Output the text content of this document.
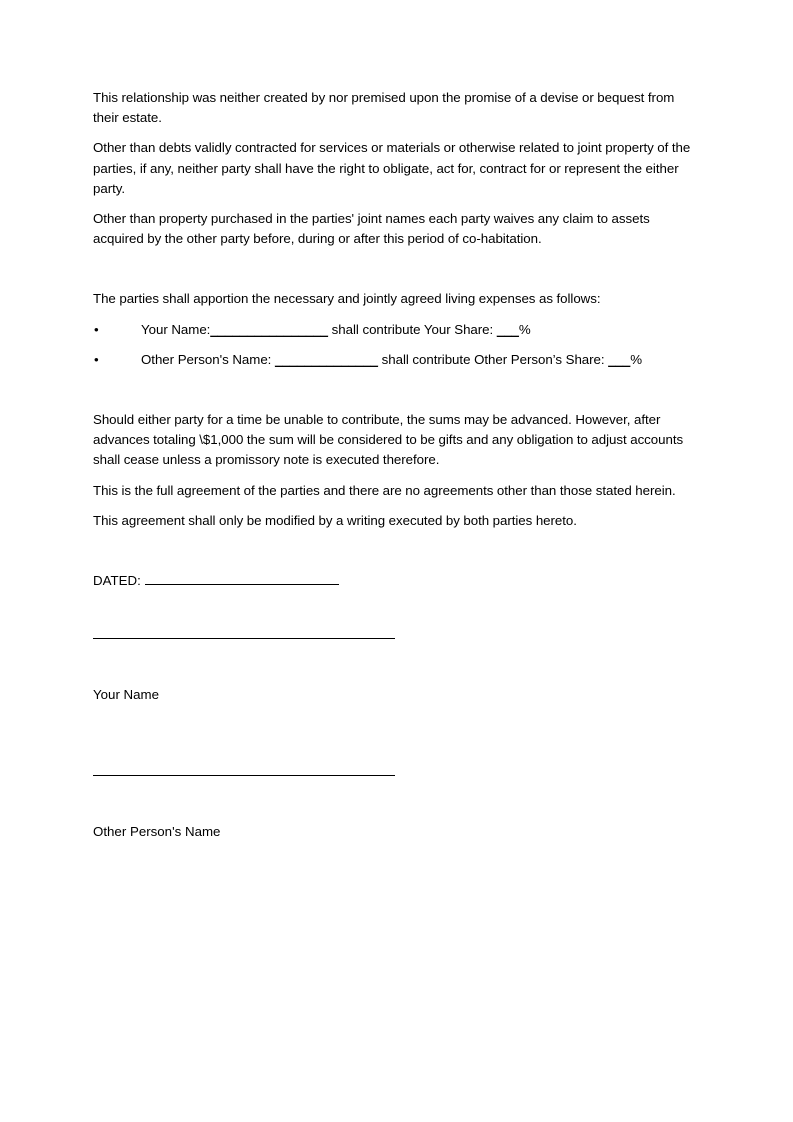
This relationship was neither created by nor premised upon the promise of a devise or bequest from their estate.

Other than debts validly contracted for services or materials or otherwise related to joint property of the parties, if any, neither party shall have the right to obligate, act for, contract for or represent the either party.

Other than property purchased in the parties' joint names each party waives any claim to assets acquired by the other party before, during or after this period of co-habitation.

The parties shall apportion the necessary and jointly agreed living expenses as follows:

•	Your Name:________________ shall contribute Your Share: ___%
•	Other Person's Name: ______________ shall contribute Other Person’s Share: ___%

Should either party for a time be unable to contribute, the sums may be advanced. However, after advances totaling \$1,000 the sum will be considered to be gifts and any obligation to adjust accounts shall cease unless a promissory note is executed therefore.

This is the full agreement of the parties and there are no agreements other than those stated herein.

This agreement shall only be modified by a writing executed by both parties hereto.

DATED:

Your Name

Other Person's Name
